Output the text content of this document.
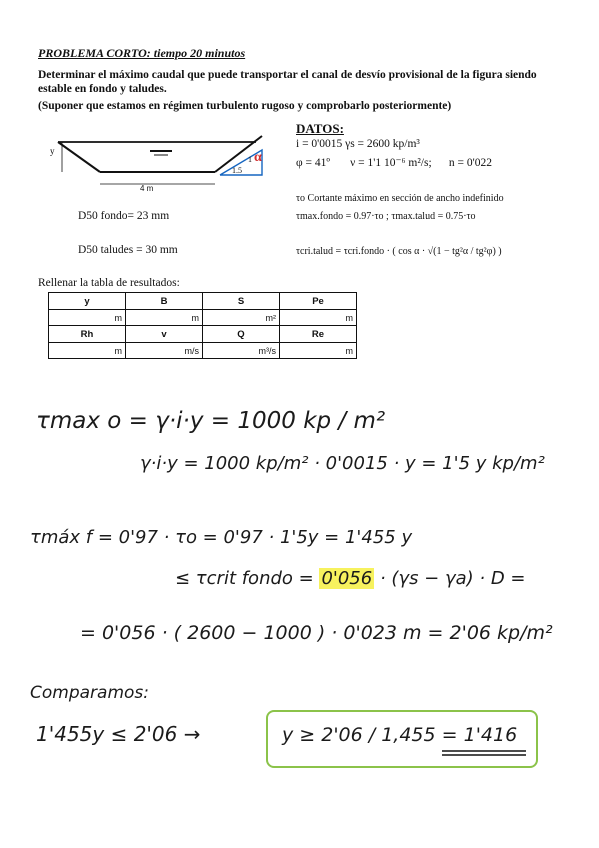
PROBLEMA CORTO: tiempo 20 minutos
Determinar el máximo caudal que puede transportar el canal de desvío provisional de la figura siendo
estable en fondo y taludes.
(Suponer que estamos en régimen turbulento rugoso y comprobarlo posteriormente)
y
4 m
1
1.5
α
DATOS:
i = 0'0015 γs = 2600 kp/m³
φ = 41º       ν = 1'1 10⁻⁶ m²/s;      n = 0'022
τo Cortante máximo en sección de ancho indefinido
τmax.fondo = 0.97·τo ; τmax.talud = 0.75·τo
τcri.talud = τcri.fondo · ( cos α · √(1 − tg²α / tg²φ) )
D50 fondo= 23 mm
D50 taludes = 30 mm
Rellenar la tabla de resultados:
y	B	S	Pe
m	m	m²	m
Rh	v	Q	Re
m	m/s	m³/s	m
τmax o = γ·i·y = 1000 kp / m²
γ·i·y = 1000 kp/m² · 0'0015 · y = 1'5 y kp/m²
τmáx f = 0'97 · τo = 0'97 · 1'5y = 1'455 y
≤ τcrit fondo = 0'056 · (γs − γa) · D =
= 0'056 · ( 2600 − 1000 ) · 0'023 m = 2'06 kp/m²
Comparamos:
1'455y ≤ 2'06 →	y ≥ 2'06 / 1,455 = 1'416
